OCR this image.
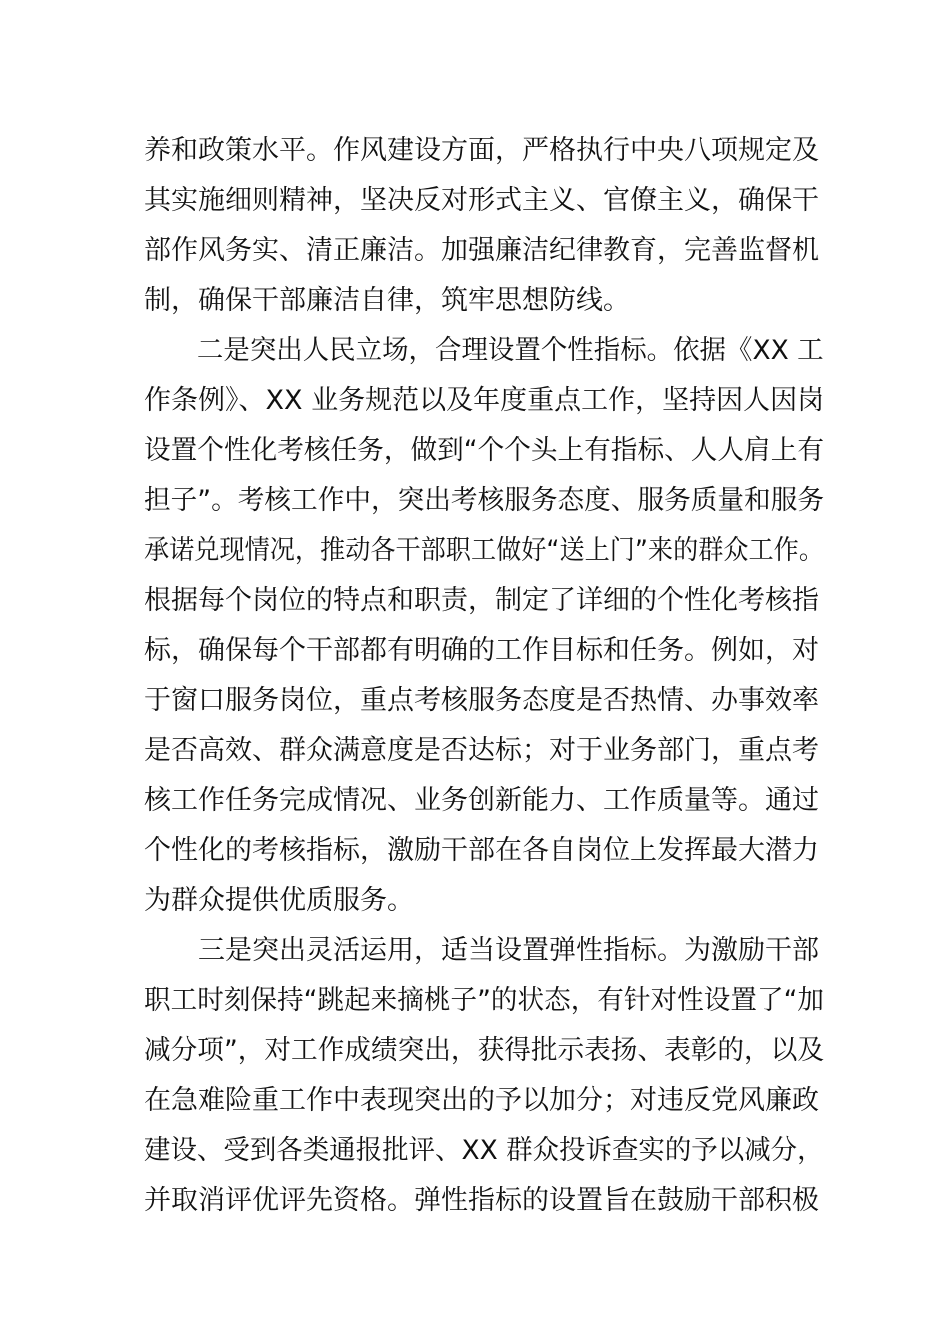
养和政策水平。作风建设方面，严格执行中央八项规定及
其实施细则精神，坚决反对形式主义、官僚主义，确保干
部作风务实、清正廉洁。加强廉洁纪律教育，完善监督机
制，确保干部廉洁自律，筑牢思想防线。
　　二是突出人民立场，合理设置个性指标。依据《XX 工
作条例》、XX 业务规范以及年度重点工作，坚持因人因岗
设置个性化考核任务，做到“个个头上有指标、人人肩上有
担子”。考核工作中，突出考核服务态度、服务质量和服务
承诺兑现情况，推动各干部职工做好“送上门”来的群众工作。
根据每个岗位的特点和职责，制定了详细的个性化考核指
标，确保每个干部都有明确的工作目标和任务。例如，对
于窗口服务岗位，重点考核服务态度是否热情、办事效率
是否高效、群众满意度是否达标；对于业务部门，重点考
核工作任务完成情况、业务创新能力、工作质量等。通过
个性化的考核指标，激励干部在各自岗位上发挥最大潜力
为群众提供优质服务。
　　三是突出灵活运用，适当设置弹性指标。为激励干部
职工时刻保持“跳起来摘桃子”的状态，有针对性设置了“加
减分项”，对工作成绩突出，获得批示表扬、表彰的，以及
在急难险重工作中表现突出的予以加分；对违反党风廉政
建设、受到各类通报批评、XX 群众投诉查实的予以减分，
并取消评优评先资格。弹性指标的设置旨在鼓励干部积极
